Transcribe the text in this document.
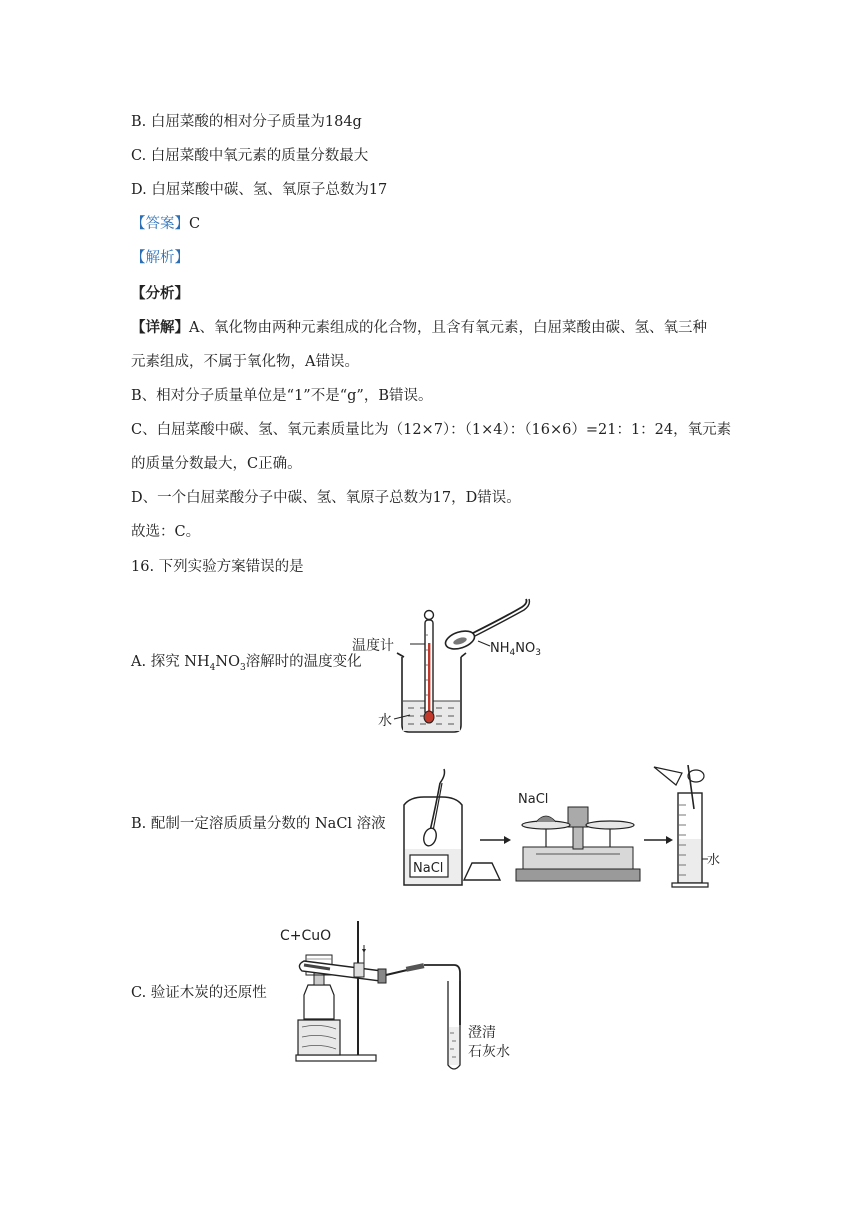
B. 白屈菜酸的相对分子质量为184g
C. 白屈菜酸中氧元素的质量分数最大
D. 白屈菜酸中碳、氢、氧原子总数为17
【答案】C
【解析】
【分析】
【详解】A、氧化物由两种元素组成的化合物，且含有氧元素，白屈菜酸由碳、氢、氧三种
元素组成，不属于氧化物，A错误。
B、相对分子质量单位是“1”不是“g”，B错误。
C、白屈菜酸中碳、氢、氧元素质量比为（12×7）：（1×4）：（16×6）=21：1：24，氧元素
的质量分数最大，C正确。
D、一个白屈菜酸分子中碳、氢、氧原子总数为17，D错误。
故选：C。
16. 下列实验方案错误的是
A. 探究 $NH_4NO_3$溶解时的温度变化
B. 配制一定溶质质量分数的 NaCl 溶液
C. 验证木炭的还原性
温度计	$NH_4NO_3$
水
NaCl
NaCl
水
C+CuO
澄清
石灰水
